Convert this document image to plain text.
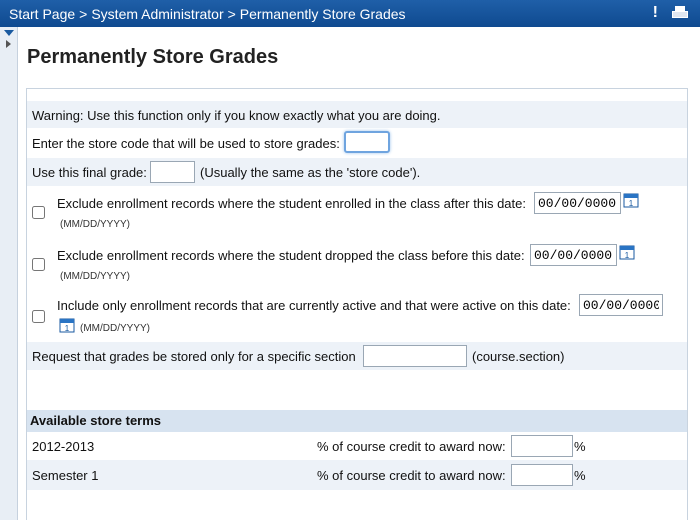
Start Page > System Administrator > Permanently Store Grades	!
Permanently Store Grades
Warning: Use this function only if you know exactly what you are doing.
Enter the store code that will be used to store grades:
Use this final grade:	(Usually the same as the 'store code').
Exclude enrollment records where the student enrolled in the class after this date:
00/00/0000	1
(MM/DD/YYYY)
Exclude enrollment records where the student dropped the class before this date:
00/00/0000	1
(MM/DD/YYYY)
Include only enrollment records that are currently active and that were active on this date:
00/00/0000
1 (MM/DD/YYYY)
Request that grades be stored only for a specific section	(course.section)
Available store terms
2012-2013	% of course credit to award now:	%
Semester 1	% of course credit to award now:	%
